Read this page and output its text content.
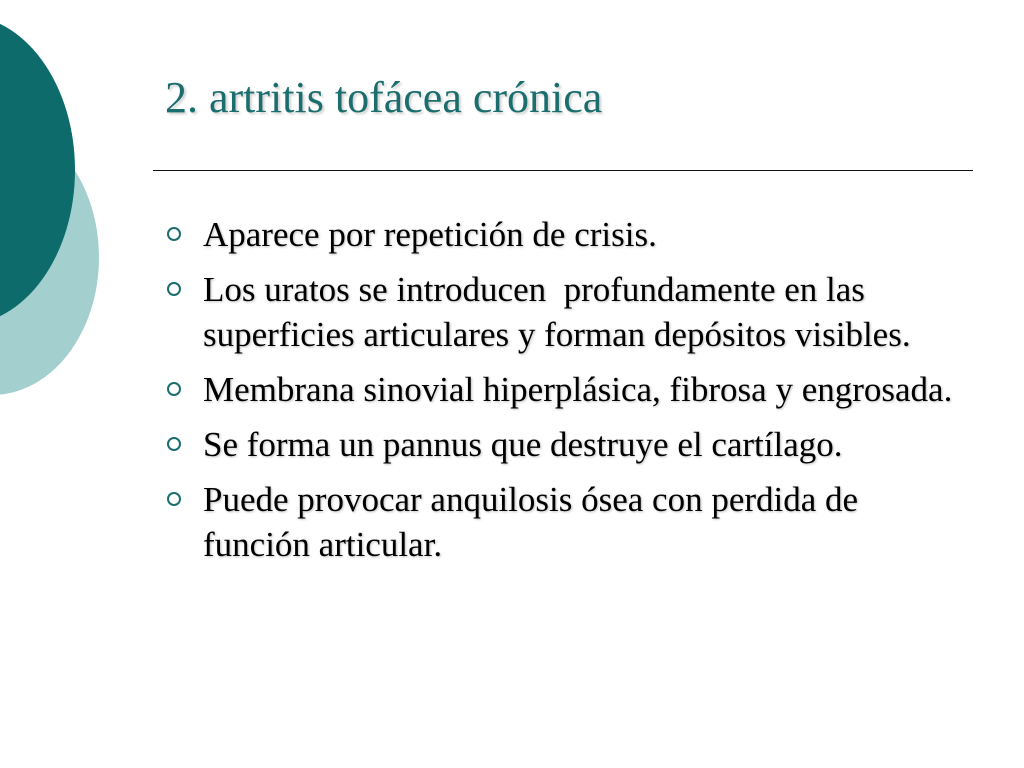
2. artritis tofácea crónica
Aparece por repetición de crisis.
Los uratos se introducen  profundamente en las superficies articulares y forman depósitos visibles.
Membrana sinovial hiperplásica, fibrosa y engrosada.
Se forma un pannus que destruye el cartílago.
Puede provocar anquilosis ósea con perdida de función articular.
